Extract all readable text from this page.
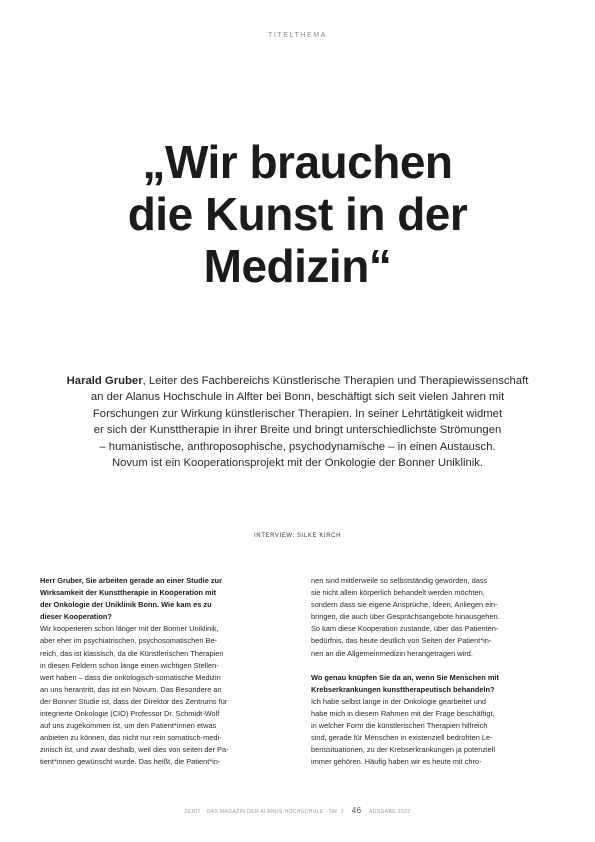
TITELTHEMA
„Wir brauchen
die Kunst in der
Medizin“

Harald Gruber, Leiter des Fachbereichs Künstlerische Therapien und Therapiewissenschaft
an der Alanus Hochschule in Alfter bei Bonn, beschäftigt sich seit vielen Jahren mit
Forschungen zur Wirkung künstlerischer Therapien. In seiner Lehrtätigkeit widmet
er sich der Kunsttherapie in ihrer Breite und bringt unterschiedlichste Strömungen
– humanistische, anthroposophische, psychodynamische – in einen Austausch.
Novum ist ein Kooperationsprojekt mit der Onkologie der Bonner Uniklinik.

INTERVIEW: SILKE KIRCH
Herr Gruber, Sie arbeiten gerade an einer Studie zur
Wirksamkeit der Kunsttherapie in Kooperation mit
der Onkologie der Uniklinik Bonn. Wie kam es zu
dieser Kooperation?
Wir kooperieren schon länger mit der Bonner Uniklinik,
aber eher im psychiatrischen, psychosomatischen Be-
reich, das ist klassisch, da die Künstlerischen Therapien
in diesen Feldern schon lange einen wichtigen Stellen-
wert haben – dass die onkologisch-somatische Medizin
an uns herantritt, das ist ein Novum. Das Besondere an
der Bonner Studie ist, dass der Direktor des Zentrums für
integrierte Onkologie (CIO) Professor Dr. Schmidt-Wolf
auf uns zugekommen ist, um den Patient*innen etwas
anbieten zu können, das nicht nur rein somatisch-medi-
zinisch ist, und zwar deshalb, weil dies von seiten der Pa-
tient*innen gewünscht wurde. Das heißt, die Patient*in-
nen sind mittlerweile so selbstständig geworden, dass
sie nicht allein körperlich behandelt werden möchten,
sondern dass sie eigene Ansprüche, Ideen, Anliegen ein-
bringen, die auch über Gesprächsangebote hinausgehen.
So kam diese Kooperation zustande, über das Patienten-
bedürfnis, das heute deutlich von Seiten der Patient*in-
nen an die Allgemeinmedizin herangetragen wird.
Wo genau knüpfen Sie da an, wenn Sie Menschen mit
Krebserkrankungen kunsttherapeutisch behandeln?
Ich habe selbst lange in der Onkologie gearbeitet und
habe mich in diesem Rahmen mit der Frage beschäftigt,
in welcher Form die künstlerischen Therapien hilfreich
sind, gerade für Menschen in existenziell bedrohten Le-
benssituationen, zu der Krebserkrankungen ja potenziell
immer gehören. Häufig haben wir es heute mit chro-
ZENIT · DAS MAGAZIN DER ALANUS HOCHSCHULE · NR. 2 46 AUSGABE 2022
